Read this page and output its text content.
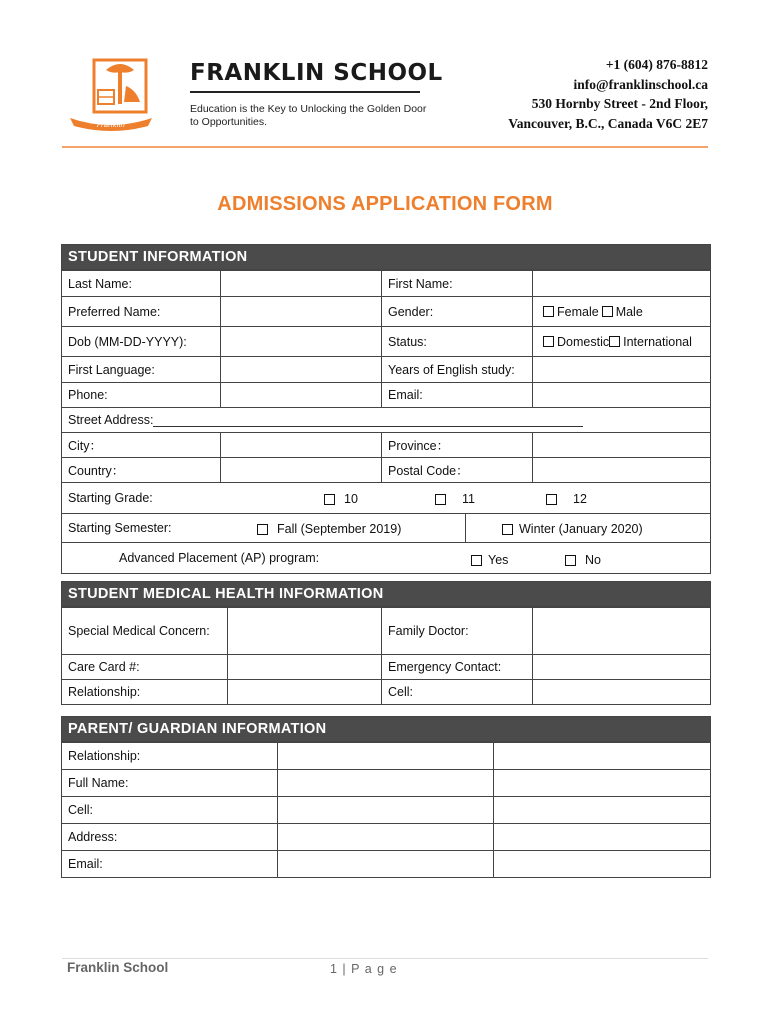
Franklin
FRANKLIN SCHOOL
Education is the Key to Unlocking the Golden Door to Opportunities.
+1 (604) 876-8812
info@franklinschool.ca
530 Hornby Street - 2nd Floor,
Vancouver, B.C., Canada V6C 2E7
ADMISSIONS APPLICATION FORM
STUDENT INFORMATION
Last Name:	First Name:
Preferred Name:	Gender:	Female Male
Dob (MM-DD-YYYY):	Status:	Domestic International
First Language:	Years of English study:
Phone:	Email:
Street Address:
City：	Province：
Country：	Postal Code：
Starting Grade:	10	11	12
Starting Semester:	Fall (September 2019)	Winter (January 2020)
Advanced Placement (AP) program:	Yes	No
STUDENT MEDICAL HEALTH INFORMATION
Special Medical Concern:	Family Doctor:
Care Card #:	Emergency Contact:
Relationship:	Cell:
PARENT/ GUARDIAN INFORMATION
Relationship:
Full Name:
Cell:
Address:
Email:
Franklin School	1 | P a g e
